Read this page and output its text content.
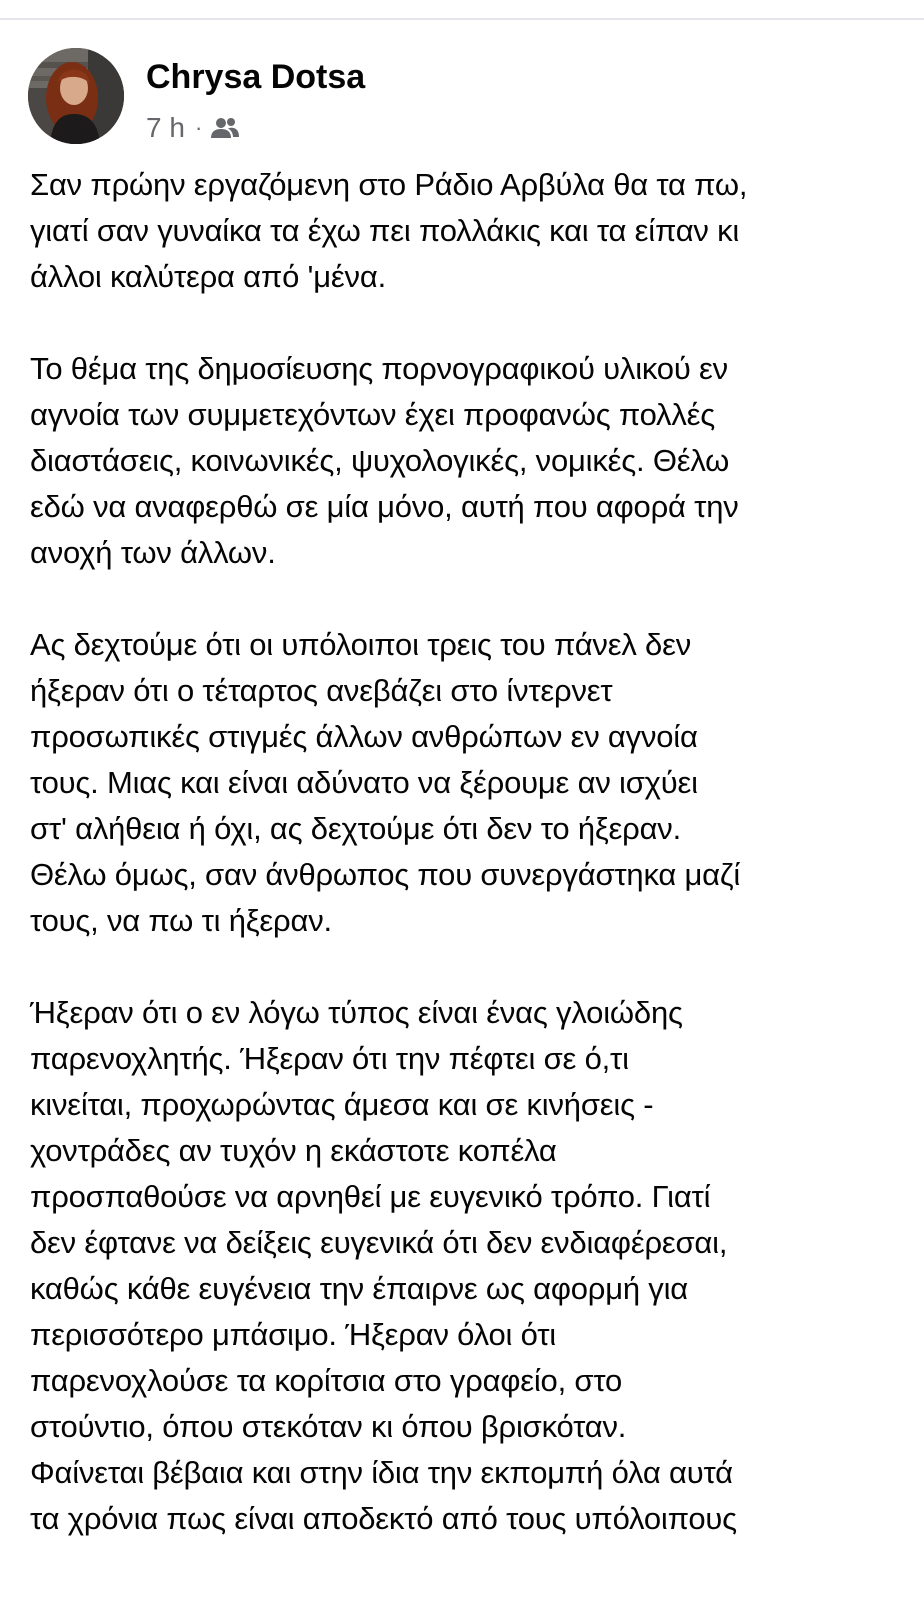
Chrysa Dotsa
7 h ·

Σαν πρώην εργαζόμενη στο Ράδιο Αρβύλα θα τα πω,
γιατί σαν γυναίκα τα έχω πει πολλάκις και τα είπαν κι
άλλοι καλύτερα από 'μένα.

Το θέμα της δημοσίευσης πορνογραφικού υλικού εν
αγνοία των συμμετεχόντων έχει προφανώς πολλές
διαστάσεις, κοινωνικές, ψυχολογικές, νομικές. Θέλω
εδώ να αναφερθώ σε μία μόνο, αυτή που αφορά την
ανοχή των άλλων.

Ας δεχτούμε ότι οι υπόλοιποι τρεις του πάνελ δεν
ήξεραν ότι ο τέταρτος ανεβάζει στο ίντερνετ
προσωπικές στιγμές άλλων ανθρώπων εν αγνοία
τους. Μιας και είναι αδύνατο να ξέρουμε αν ισχύει
στ' αλήθεια ή όχι, ας δεχτούμε ότι δεν το ήξεραν.
Θέλω όμως, σαν άνθρωπος που συνεργάστηκα μαζί
τους, να πω τι ήξεραν.

Ήξεραν ότι ο εν λόγω τύπος είναι ένας γλοιώδης
παρενοχλητής. Ήξεραν ότι την πέφτει σε ό,τι
κινείται, προχωρώντας άμεσα και σε κινήσεις -
χοντράδες αν τυχόν η εκάστοτε κοπέλα
προσπαθούσε να αρνηθεί με ευγενικό τρόπο. Γιατί
δεν έφτανε να δείξεις ευγενικά ότι δεν ενδιαφέρεσαι,
καθώς κάθε ευγένεια την έπαιρνε ως αφορμή για
περισσότερο μπάσιμο. Ήξεραν όλοι ότι
παρενοχλούσε τα κορίτσια στο γραφείο, στο
στούντιο, όπου στεκόταν κι όπου βρισκόταν.
Φαίνεται βέβαια και στην ίδια την εκπομπή όλα αυτά
τα χρόνια πως είναι αποδεκτό από τους υπόλοιπους
